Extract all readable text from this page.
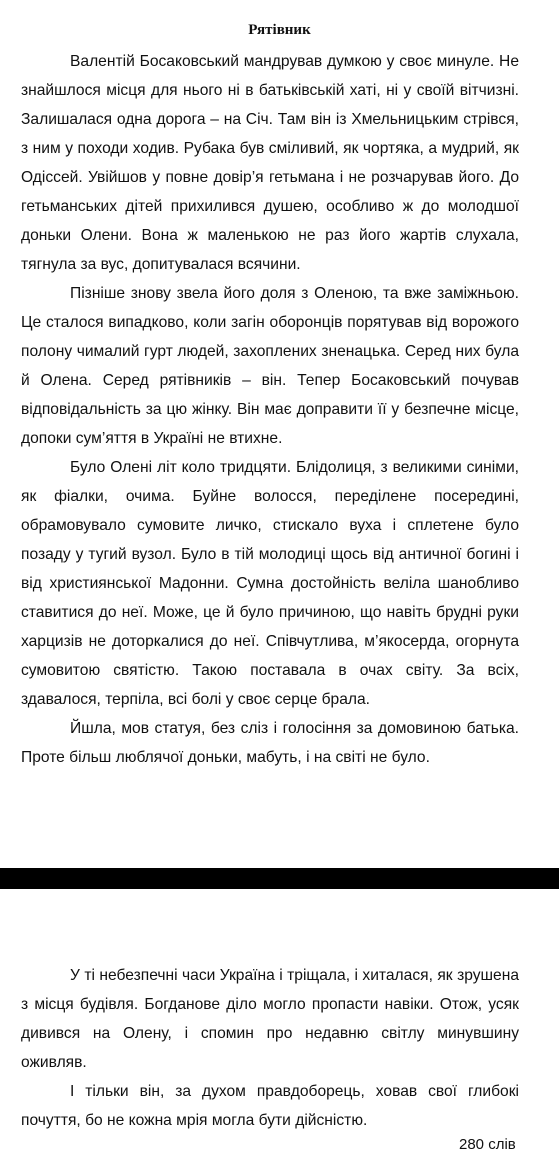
Рятівник

Валентій Босаковський мандрував думкою у своє минуле. Не знайшлося місця для нього ні в батьківській хаті, ні у своїй вітчизні. Залишалася одна дорога – на Січ. Там він із Хмельницьким стрівся, з ним у походи ходив. Рубака був сміливий, як чортяка, а мудрий, як Одіссей. Увійшов у повне довір’я гетьмана і не розчарував його. До гетьманських дітей прихилився душею, особливо ж до молодшої доньки Олени. Вона ж маленькою не раз його жартів слухала, тягнула за вус, допитувалася всячини.

Пізніше знову звела його доля з Оленою, та вже заміжньою. Це сталося випадково, коли загін оборонців порятував від ворожого полону чималий гурт людей, захоплених зненацька. Серед них була й Олена. Серед рятівників – він. Тепер Босаковський почував відповідальність за цю жінку. Він має доправити її у безпечне місце, допоки сум’яття в Україні не втихне.

Було Олені літ коло тридцяти. Блідолиця, з великими синіми, як фіалки, очима. Буйне волосся, переділене посередині, обрамовувало сумовите личко, стискало вуха і сплетене було позаду у тугий вузол. Було в тій молодиці щось від античної богині і від християнської Мадонни. Сумна достойність веліла шанобливо ставитися до неї. Може, це й було причиною, що навіть брудні руки харцизів не доторкалися до неї. Співчутлива, м’якосерда, огорнута сумовитою святістю. Такою поставала в очах світу. За всіх, здавалося, терпіла, всі болі у своє серце брала.

Йшла, мов статуя, без сліз і голосіння за домовиною батька. Проте більш люблячої доньки, мабуть, і на світі не було.

У ті небезпечні часи Україна і тріщала, і хиталася, як зрушена з місця будівля. Богданове діло могло пропасти навіки. Отож, усяк дивився на Олену, і спомин про недавню світлу минувшину оживляв.

І тільки він, за духом правдоборець, ховав свої глибокі почуття, бо не кожна мрія могла бути дійсністю.

280 слів
